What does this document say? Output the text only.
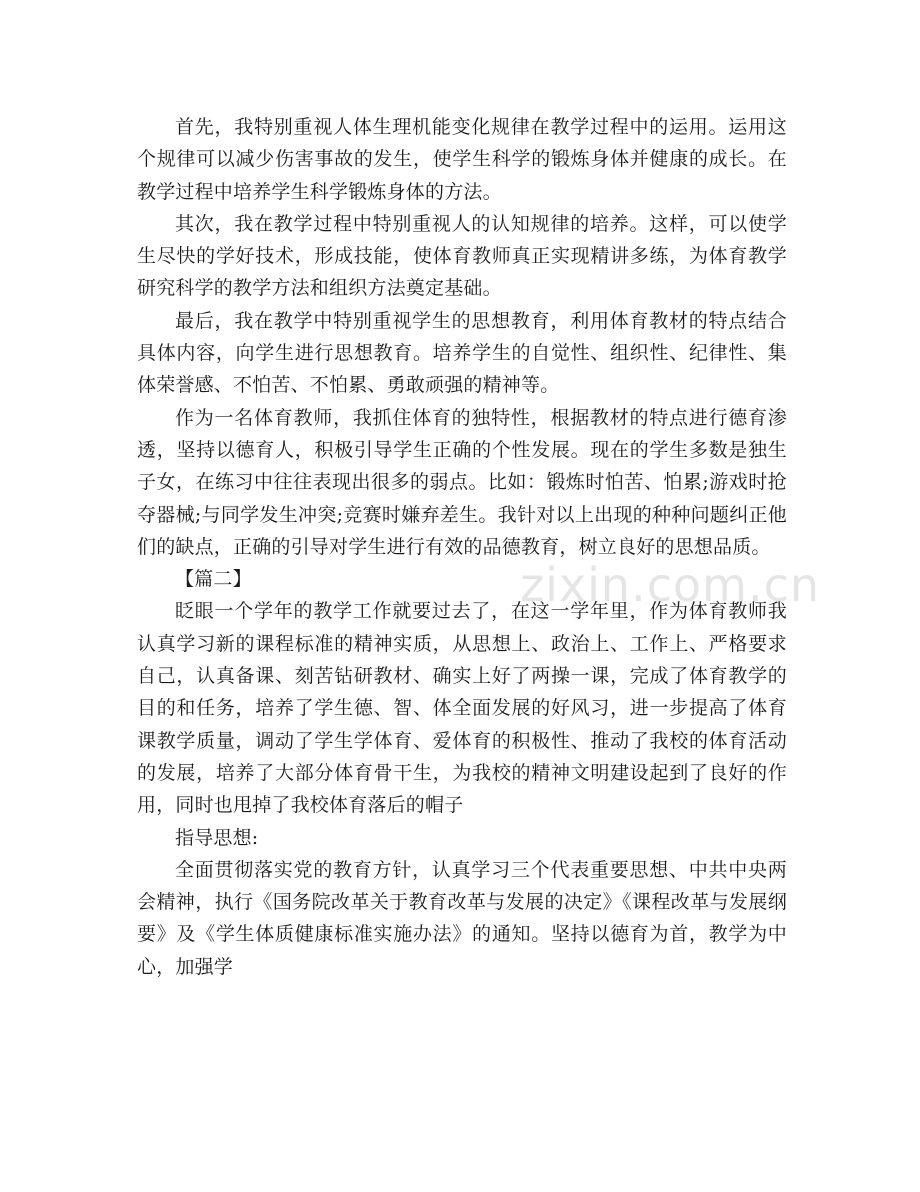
首先，我特别重视人体生理机能变化规律在教学过程中的运用。运用这个规律可以减少伤害事故的发生，使学生科学的锻炼身体并健康的成长。在教学过程中培养学生科学锻炼身体的方法。

其次，我在教学过程中特别重视人的认知规律的培养。这样，可以使学生尽快的学好技术，形成技能，使体育教师真正实现精讲多练，为体育教学研究科学的教学方法和组织方法奠定基础。

最后，我在教学中特别重视学生的思想教育，利用体育教材的特点结合具体内容，向学生进行思想教育。培养学生的自觉性、组织性、纪律性、集体荣誉感、不怕苦、不怕累、勇敢顽强的精神等。

作为一名体育教师，我抓住体育的独特性，根据教材的特点进行德育渗透，坚持以德育人，积极引导学生正确的个性发展。现在的学生多数是独生子女，在练习中往往表现出很多的弱点。比如：锻炼时怕苦、怕累;游戏时抢夺器械;与同学发生冲突;竞赛时嫌弃差生。我针对以上出现的种种问题纠正他们的缺点，正确的引导对学生进行有效的品德教育，树立良好的思想品质。

【篇二】

眨眼一个学年的教学工作就要过去了，在这一学年里，作为体育教师我认真学习新的课程标准的精神实质，从思想上、政治上、工作上、严格要求自己，认真备课、刻苦钻研教材、确实上好了两操一课，完成了体育教学的目的和任务，培养了学生德、智、体全面发展的好风习，进一步提高了体育课教学质量，调动了学生学体育、爱体育的积极性、推动了我校的体育活动的发展，培养了大部分体育骨干生，为我校的精神文明建设起到了良好的作用，同时也甩掉了我校体育落后的帽子

指导思想:

全面贯彻落实党的教育方针，认真学习三个代表重要思想、中共中央两会精神，执行《国务院改革关于教育改革与发展的决定》《课程改革与发展纲要》及《学生体质健康标准实施办法》的通知。坚持以德育为首，教学为中心，加强学

zixin.com.cn
